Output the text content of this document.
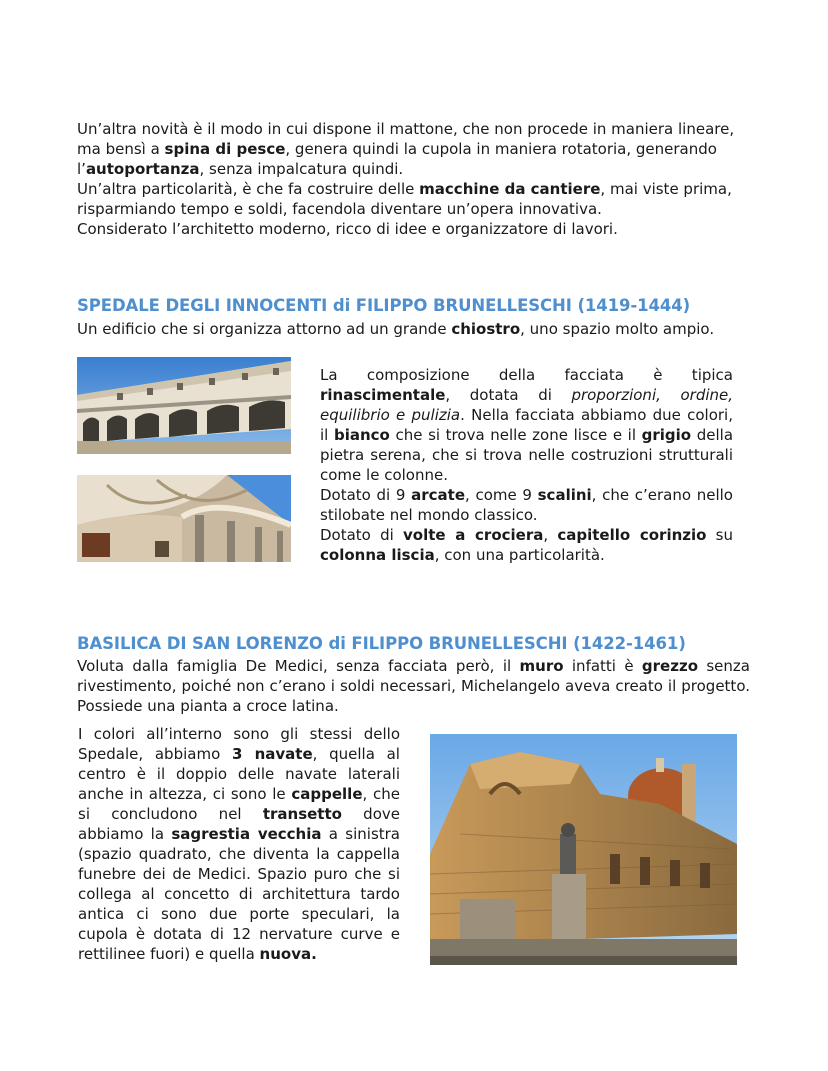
Un’altra novità è il modo in cui dispone il mattone, che non procede in maniera lineare,
ma bensì a spina di pesce, genera quindi la cupola in maniera rotatoria, generando
l’autoportanza, senza impalcatura quindi.
Un’altra particolarità, è che fa costruire delle macchine da cantiere, mai viste prima,
risparmiando tempo e soldi, facendola diventare un’opera innovativa.
Considerato l’architetto moderno, ricco di idee e organizzatore di lavori.
SPEDALE DEGLI INNOCENTI di FILIPPO BRUNELLESCHI (1419-1444)
Un edificio che si organizza attorno ad un grande chiostro, uno spazio molto ampio.
La composizione della facciata è tipica rinascimentale, dotata di proporzioni, ordine, equilibrio e pulizia. Nella facciata abbiamo due colori, il bianco che si trova nelle zone lisce e il grigio della pietra serena, che si trova nelle costruzioni strutturali come le colonne.
Dotato di 9 arcate, come 9 scalini, che c’erano nello stilobate nel mondo classico.
Dotato di volte a crociera, capitello corinzio su colonna liscia, con una particolarità.
BASILICA DI SAN LORENZO di FILIPPO BRUNELLESCHI (1422-1461)
Voluta dalla famiglia De Medici, senza facciata però, il muro infatti è grezzo senza rivestimento, poiché non c’erano i soldi necessari, Michelangelo aveva creato il progetto. Possiede una pianta a croce latina.
I colori all’interno sono gli stessi dello Spedale, abbiamo 3 navate, quella al centro è il doppio delle navate laterali anche in altezza, ci sono le cappelle, che si concludono nel transetto dove abbiamo la sagrestia vecchia a sinistra (spazio quadrato, che diventa la cappella funebre dei de Medici. Spazio puro che si collega al concetto di architettura tardo antica ci sono due porte speculari, la cupola è dotata di 12 nervature curve e rettilinee fuori) e quella nuova.
